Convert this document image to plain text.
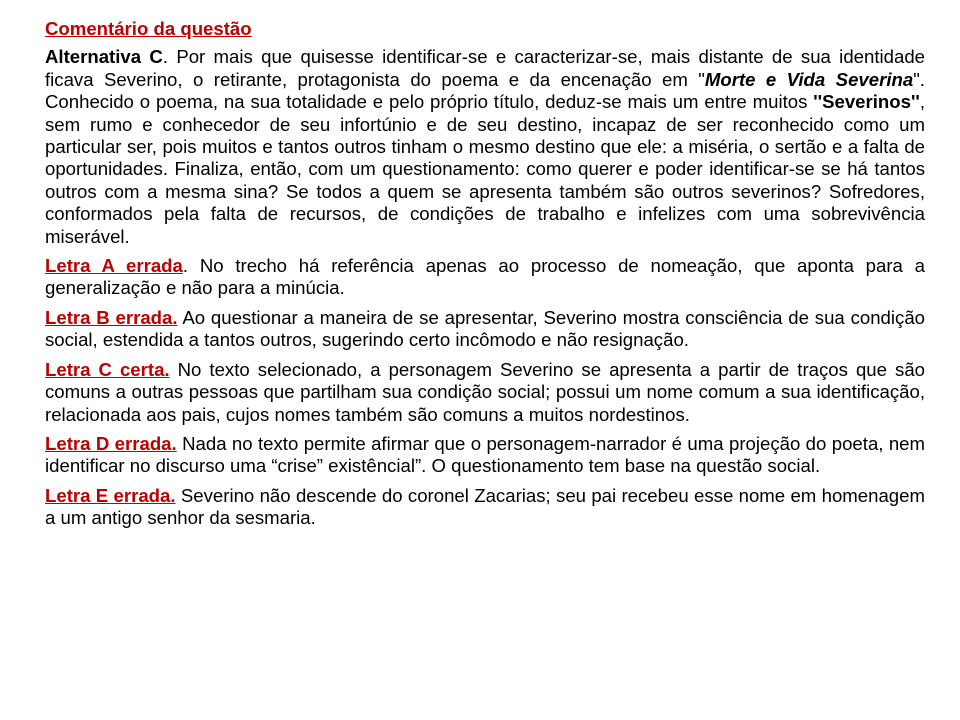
Comentário da questão

Alternativa C. Por mais que quisesse identificar-se e caracterizar-se, mais distante de sua identidade ficava Severino, o retirante, protagonista do poema e da encenação em "Morte e Vida Severina". Conhecido o poema, na sua totalidade e pelo próprio título, deduz-se mais um entre muitos ''Severinos'', sem rumo e conhecedor de seu infortúnio e de seu destino, incapaz de ser reconhecido como um particular ser, pois muitos e tantos outros tinham o mesmo destino que ele: a miséria, o sertão e a falta de oportunidades. Finaliza, então, com um questionamento: como querer e poder identificar-se se há tantos outros com a mesma sina? Se todos a quem se apresenta também são outros severinos? Sofredores, conformados pela falta de recursos, de condições de trabalho e infelizes com uma sobrevivência miserável.

Letra A errada. No trecho há referência apenas ao processo de nomeação, que aponta para a generalização e não para a minúcia.

Letra B errada. Ao questionar a maneira de se apresentar, Severino mostra consciência de sua condição social, estendida a tantos outros, sugerindo certo incômodo e não resignação.

Letra C certa. No texto selecionado, a personagem Severino se apresenta a partir de traços que são comuns a outras pessoas que partilham sua condição social; possui um nome comum a sua identificação, relacionada aos pais, cujos nomes também são comuns a muitos nordestinos.

Letra D errada. Nada no texto permite afirmar que o personagem-narrador é uma projeção do poeta, nem identificar no discurso uma “crise” existêncial”. O questionamento tem base na questão social.

Letra E errada. Severino não descende do coronel Zacarias; seu pai recebeu esse nome em homenagem a um antigo senhor da sesmaria.
